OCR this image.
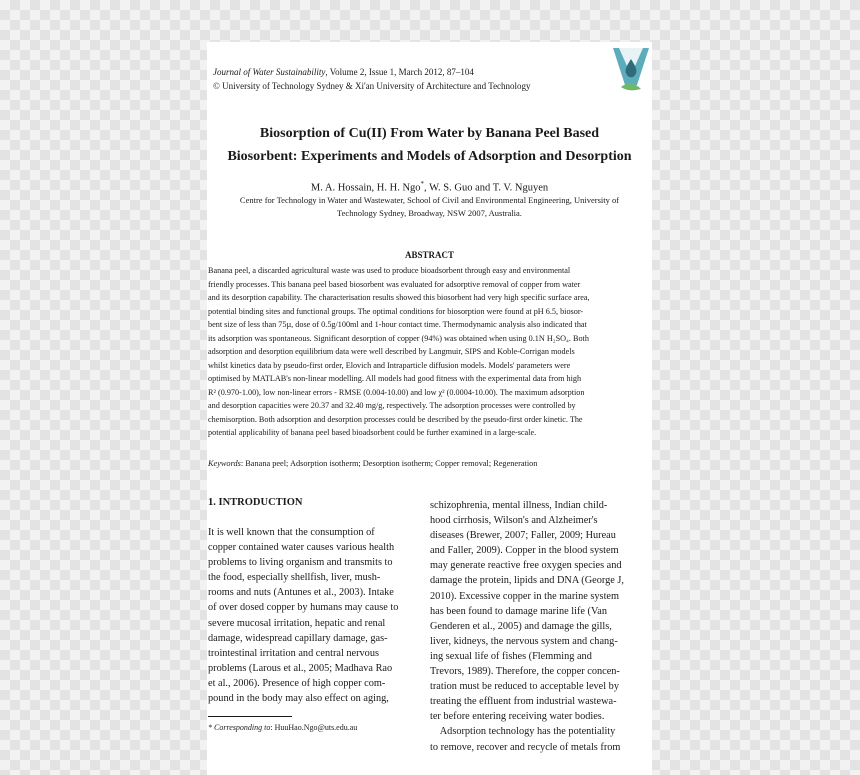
Journal of Water Sustainability, Volume 2, Issue 1, March 2012, 87–104
© University of Technology Sydney & Xi'an University of Architecture and Technology
Biosorption of Cu(II) From Water by Banana Peel Based
Biosorbent: Experiments and Models of Adsorption and Desorption
M. A. Hossain, H. H. Ngo*, W. S. Guo and T. V. Nguyen
Centre for Technology in Water and Wastewater, School of Civil and Environmental Engineering, University of
Technology Sydney, Broadway, NSW 2007, Australia.
ABSTRACT
Banana peel, a discarded agricultural waste was used to produce bioadsorbent through easy and environmental
friendly processes. This banana peel based biosorbent was evaluated for adsorptive removal of copper from water
and its desorption capability. The characterisation results showed this biosorbent had very high specific surface area,
potential binding sites and functional groups. The optimal conditions for biosorption were found at pH 6.5, biosor-
bent size of less than 75µ, dose of 0.5g/100ml and 1-hour contact time. Thermodynamic analysis also indicated that
its adsorption was spontaneous. Significant desorption of copper (94%) was obtained when using 0.1N H₂SO₄. Both
adsorption and desorption equilibrium data were well described by Langmuir, SIPS and Koble-Corrigan models
whilst kinetics data by pseudo-first order, Elovich and Intraparticle diffusion models. Models' parameters were
optimised by MATLAB's non-linear modelling. All models had good fitness with the experimental data from high
R² (0.970-1.00), low non-linear errors - RMSE (0.004-10.00) and low χ² (0.0004-10.00). The maximum adsorption
and desorption capacities were 20.37 and 32.40 mg/g, respectively. The adsorption processes were controlled by
chemisorption. Both adsorption and desorption processes could be described by the pseudo-first order kinetic. The
potential applicability of banana peel based bioadsorbent could be further examined in a large-scale.
Keywords: Banana peel; Adsorption isotherm; Desorption isotherm; Copper removal; Regeneration
1. INTRODUCTION
It is well known that the consumption of
copper contained water causes various health
problems to living organism and transmits to
the food, especially shellfish, liver, mush-
rooms and nuts (Antunes et al., 2003). Intake
of over dosed copper by humans may cause to
severe mucosal irritation, hepatic and renal
damage, widespread capillary damage, gas-
trointestinal irritation and central nervous
problems (Larous et al., 2005; Madhava Rao
et al., 2006). Presence of high copper com-
pound in the body may also effect on aging,
schizophrenia, mental illness, Indian child-
hood cirrhosis, Wilson's and Alzheimer's
diseases (Brewer, 2007; Faller, 2009; Hureau
and Faller, 2009). Copper in the blood system
may generate reactive free oxygen species and
damage the protein, lipids and DNA (George J,
2010). Excessive copper in the marine system
has been found to damage marine life (Van
Genderen et al., 2005) and damage the gills,
liver, kidneys, the nervous system and chang-
ing sexual life of fishes (Flemming and
Trevors, 1989). Therefore, the copper concen-
tration must be reduced to acceptable level by
treating the effluent from industrial wastewa-
ter before entering receiving water bodies.
Adsorption technology has the potentiality
to remove, recover and recycle of metals from
* Corresponding to: HuuHao.Ngo@uts.edu.au
